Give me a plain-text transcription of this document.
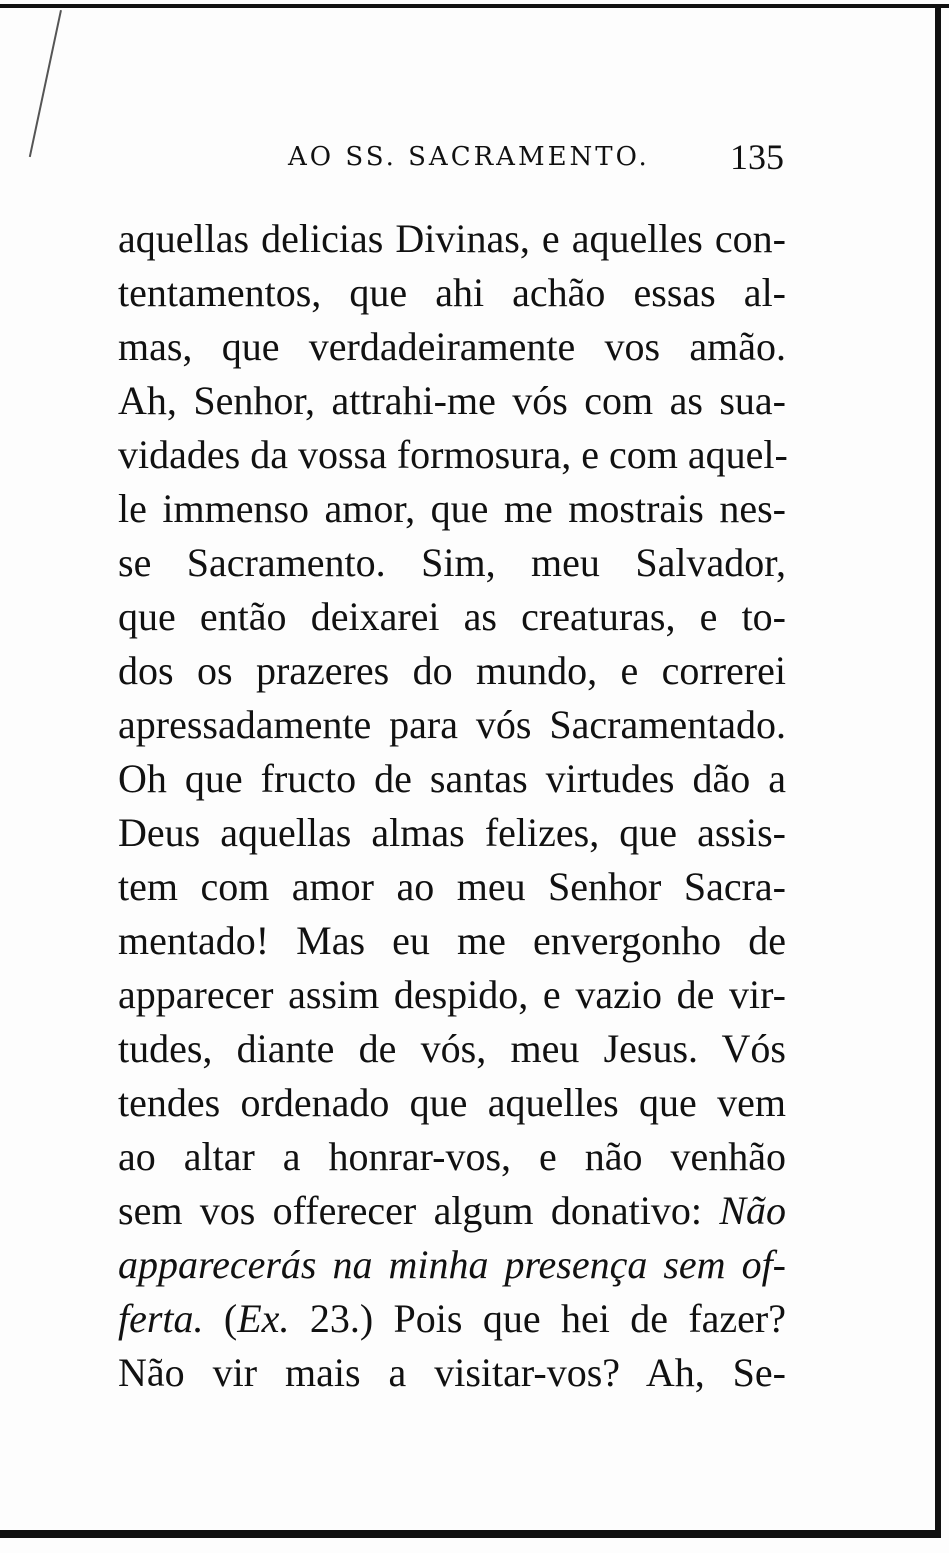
AO SS. SACRAMENTO. 135
aquellas delicias Divinas, e aquelles con-
tentamentos, que ahi achão essas al-
mas, que verdadeiramente vos amão.
Ah, Senhor, attrahi-me vós com as sua-
vidades da vossa formosura, e com aquel-
le immenso amor, que me mostrais nes-
se Sacramento. Sim, meu Salvador,
que então deixarei as creaturas, e to-
dos os prazeres do mundo, e correrei
apressadamente para vós Sacramentado.
Oh que fructo de santas virtudes dão a
Deus aquellas almas felizes, que assis-
tem com amor ao meu Senhor Sacra-
mentado! Mas eu me envergonho de
apparecer assim despido, e vazio de vir-
tudes, diante de vós, meu Jesus. Vós
tendes ordenado que aquelles que vem
ao altar a honrar-vos, e não venhão
sem vos offerecer algum donativo: Não
apparecerás na minha presença sem of-
ferta. (Ex. 23.) Pois que hei de fazer?
Não vir mais a visitar-vos? Ah, Se-
